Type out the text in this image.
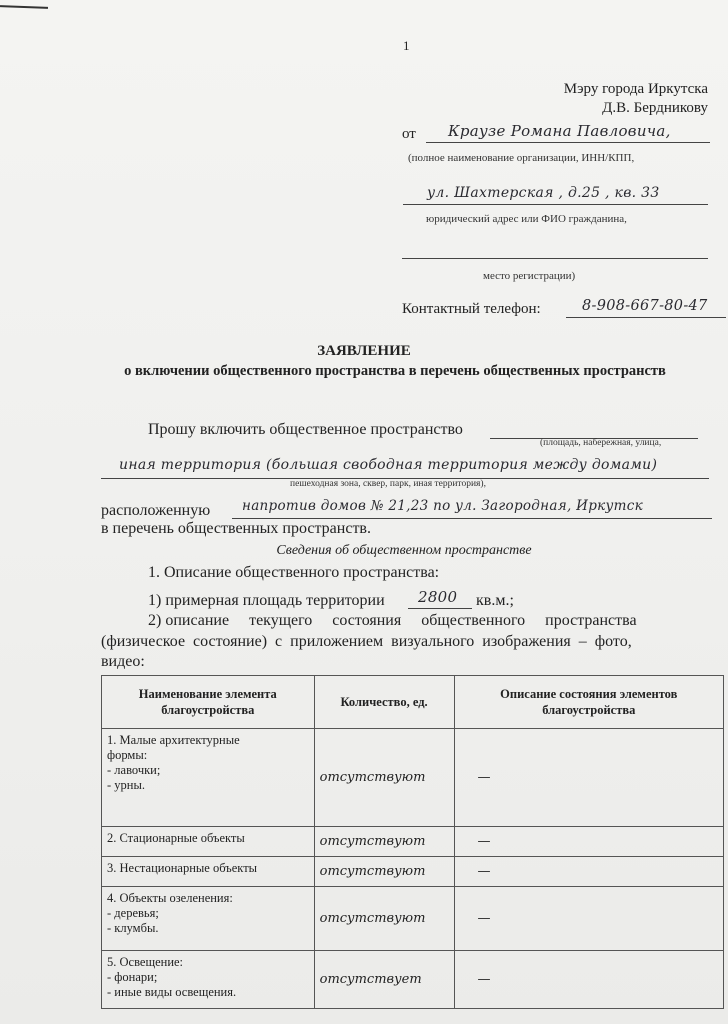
1
Мэру города Иркутска
Д.В. Бердникову
от	Краузе Романа Павловича,
(полное наименование организации, ИНН/КПП,
ул. Шахтерская , д.25 , кв. 33
юридический адрес или ФИО гражданина,
место регистрации)
Контактный телефон:	8-908-667-80-47
ЗАЯВЛЕНИЕ
о включении общественного пространства в перечень общественных пространств
Прошу включить общественное пространство
(площадь, набережная, улица,
иная территория (большая свободная территория между домами)
пешеходная зона, сквер, парк, иная территория),
расположенную	напротив домов № 21,23 по ул. Загородная, Иркутск
в перечень общественных пространств.
Сведения об общественном пространстве
1. Описание общественного пространства:
1) примерная площадь территории	2800	кв.м.;
2) описание     текущего     состояния     общественного     пространства
(физическое  состояние)  с  приложением  визуального  изображения  –  фото,
видео:
Наименование элемента благоустройства	Количество, ед.	Описание состояния элементов благоустройства

1. Малые архитектурные
формы:
- лавочки;
- урны.	отсутствуют	—

2. Стационарные объекты	отсутствуют	—

3. Нестационарные объекты	отсутствуют	—

4. Объекты озеленения:
- деревья;
- клумбы.	отсутствуют	—

5. Освещение:
- фонари;
- иные виды освещения.	отсутствует	—
